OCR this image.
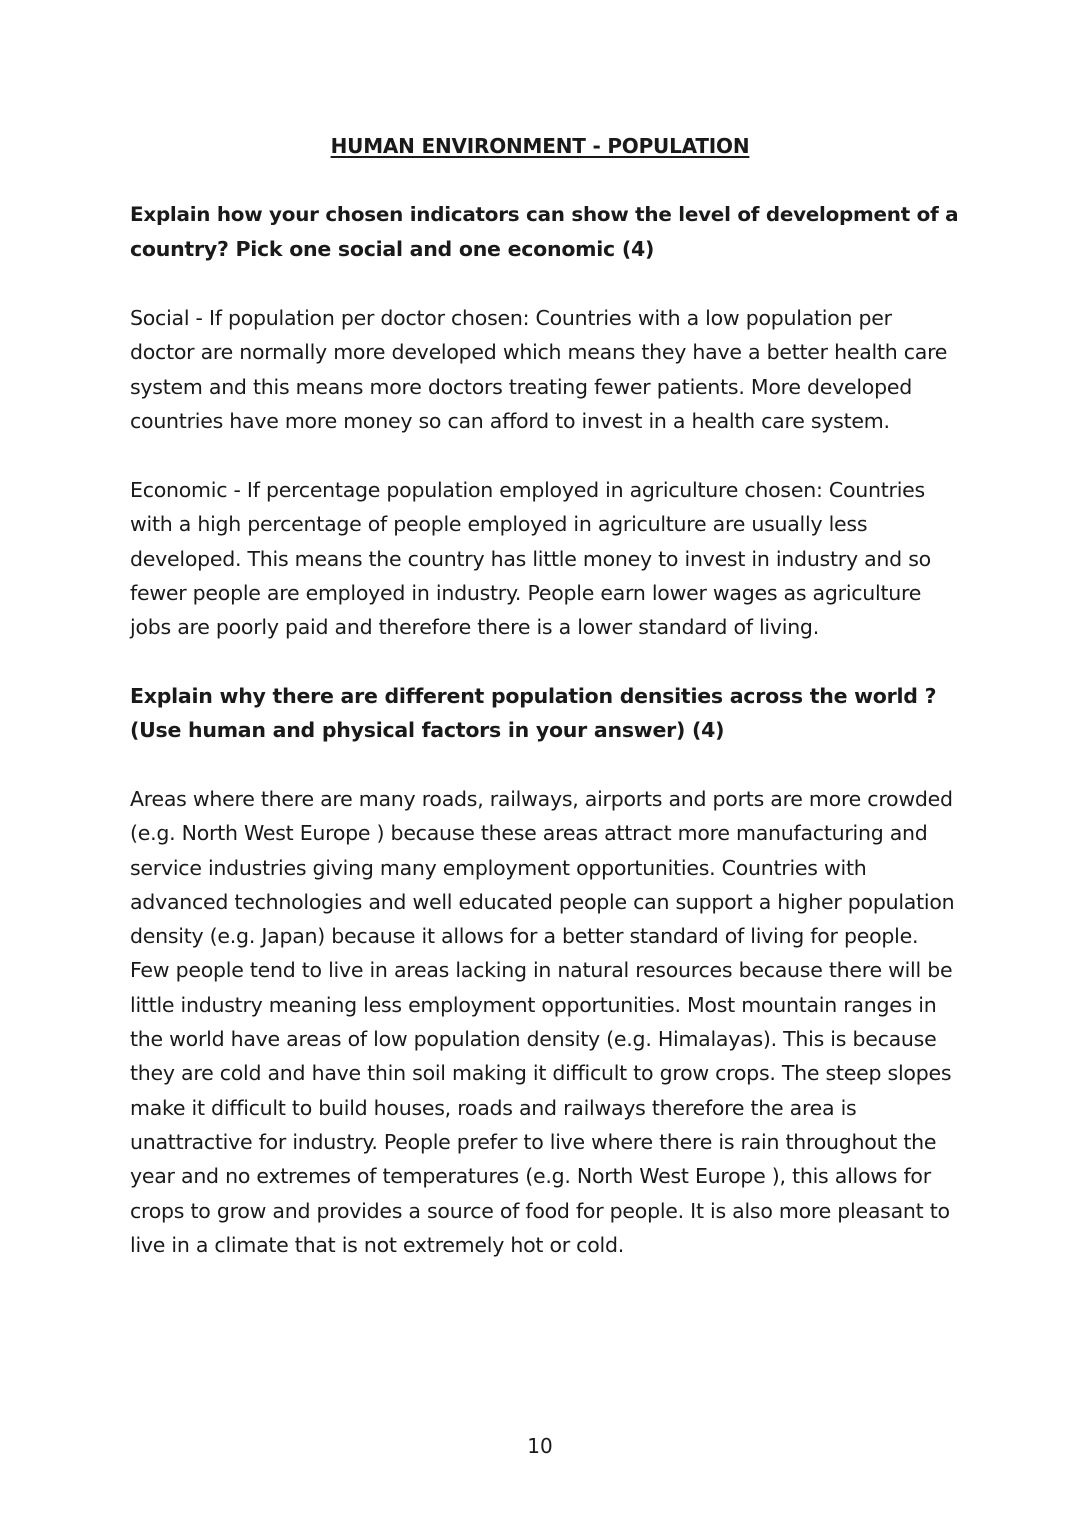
HUMAN ENVIRONMENT - POPULATION
Explain how your chosen indicators can show the level of development of a
country? Pick one social and one economic (4)
Social - If population per doctor chosen: Countries with a low population per
doctor are normally more developed which means they have a better health care
system and this means more doctors treating fewer patients. More developed
countries have more money so can afford to invest in a health care system.
Economic - If percentage population employed in agriculture chosen: Countries
with a high percentage of people employed in agriculture are usually less
developed. This means the country has little money to invest in industry and so
fewer people are employed in industry. People earn lower wages as agriculture
jobs are poorly paid and therefore there is a lower standard of living.
Explain why there are different population densities across the world ?
(Use human and physical factors in your answer) (4)
Areas where there are many roads, railways, airports and ports are more crowded
(e.g. North West Europe ) because these areas attract more manufacturing and
service industries giving many employment opportunities. Countries with
advanced technologies and well educated people can support a higher population
density (e.g. Japan) because it allows for a better standard of living for people.
Few people tend to live in areas lacking in natural resources because there will be
little industry meaning less employment opportunities. Most mountain ranges in
the world have areas of low population density (e.g. Himalayas). This is because
they are cold and have thin soil making it difficult to grow crops. The steep slopes
make it difficult to build houses, roads and railways therefore the area is
unattractive for industry. People prefer to live where there is rain throughout the
year and no extremes of temperatures (e.g. North West Europe ), this allows for
crops to grow and provides a source of food for people. It is also more pleasant to
live in a climate that is not extremely hot or cold.
10
